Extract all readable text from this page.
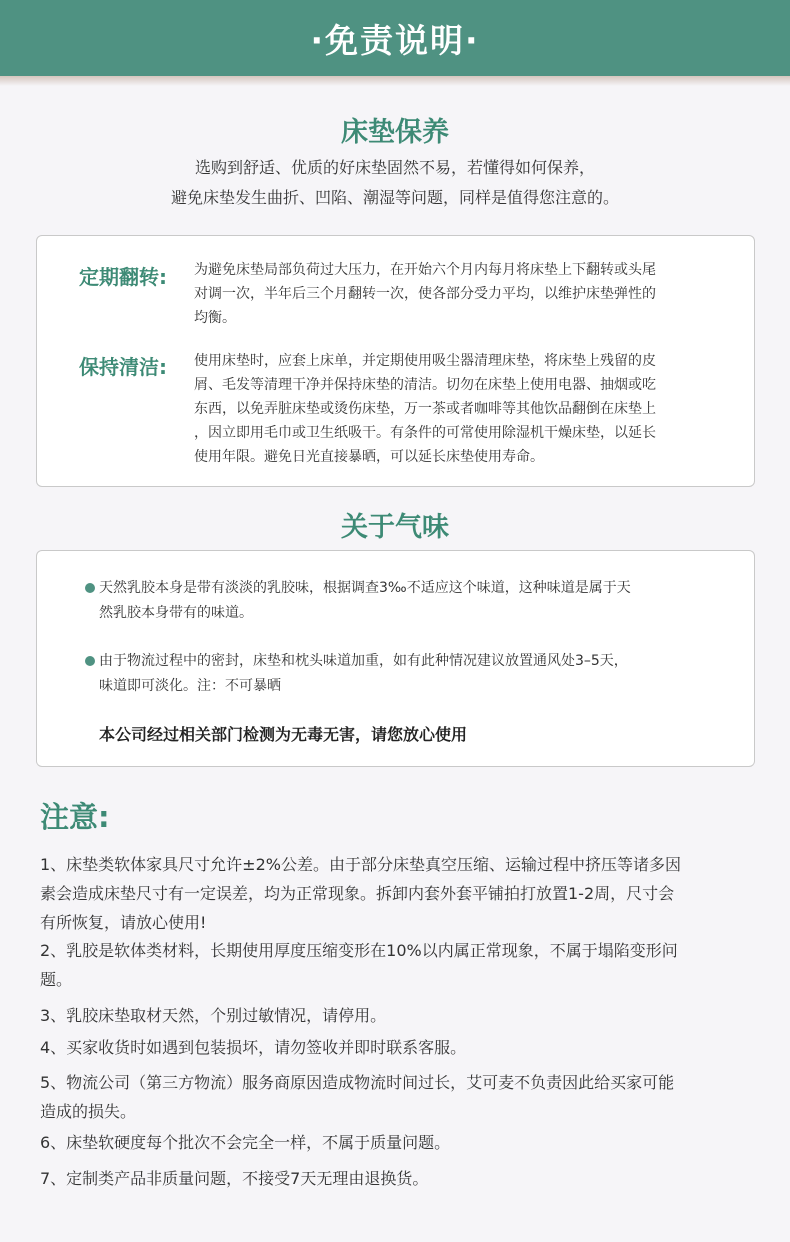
·免责说明·
床垫保养
选购到舒适、优质的好床垫固然不易，若懂得如何保养，
避免床垫发生曲折、凹陷、潮湿等问题，同样是值得您注意的。
定期翻转: 为避免床垫局部负荷过大压力，在开始六个月内每月将床垫上下翻转或头尾
对调一次，半年后三个月翻转一次，使各部分受力平均，以维护床垫弹性的
均衡。
保持清洁: 使用床垫时，应套上床单，并定期使用吸尘器清理床垫，将床垫上残留的皮
屑、毛发等清理干净并保持床垫的清洁。切勿在床垫上使用电器、抽烟或吃
东西，以免弄脏床垫或烫伤床垫，万一茶或者咖啡等其他饮品翻倒在床垫上
，因立即用毛巾或卫生纸吸干。有条件的可常使用除湿机干燥床垫，以延长
使用年限。避免日光直接暴晒，可以延长床垫使用寿命。
关于气味
天然乳胶本身是带有淡淡的乳胶味，根据调查3‰不适应这个味道，这种味道是属于天
然乳胶本身带有的味道。
由于物流过程中的密封，床垫和枕头味道加重，如有此种情况建议放置通风处3–5天，
味道即可淡化。注：不可暴晒
本公司经过相关部门检测为无毒无害，请您放心使用
注意:
1、床垫类软体家具尺寸允许±2%公差。由于部分床垫真空压缩、运输过程中挤压等诸多因
素会造成床垫尺寸有一定误差，均为正常现象。拆卸内套外套平铺拍打放置1-2周，尺寸会
有所恢复，请放心使用!
2、乳胶是软体类材料，长期使用厚度压缩变形在10%以内属正常现象，不属于塌陷变形问
题。
3、乳胶床垫取材天然，个别过敏情况，请停用。
4、买家收货时如遇到包装损坏，请勿签收并即时联系客服。
5、物流公司（第三方物流）服务商原因造成物流时间过长，艾可麦不负责因此给买家可能
造成的损失。
6、床垫软硬度每个批次不会完全一样，不属于质量问题。
7、定制类产品非质量问题，不接受7天无理由退换货。
